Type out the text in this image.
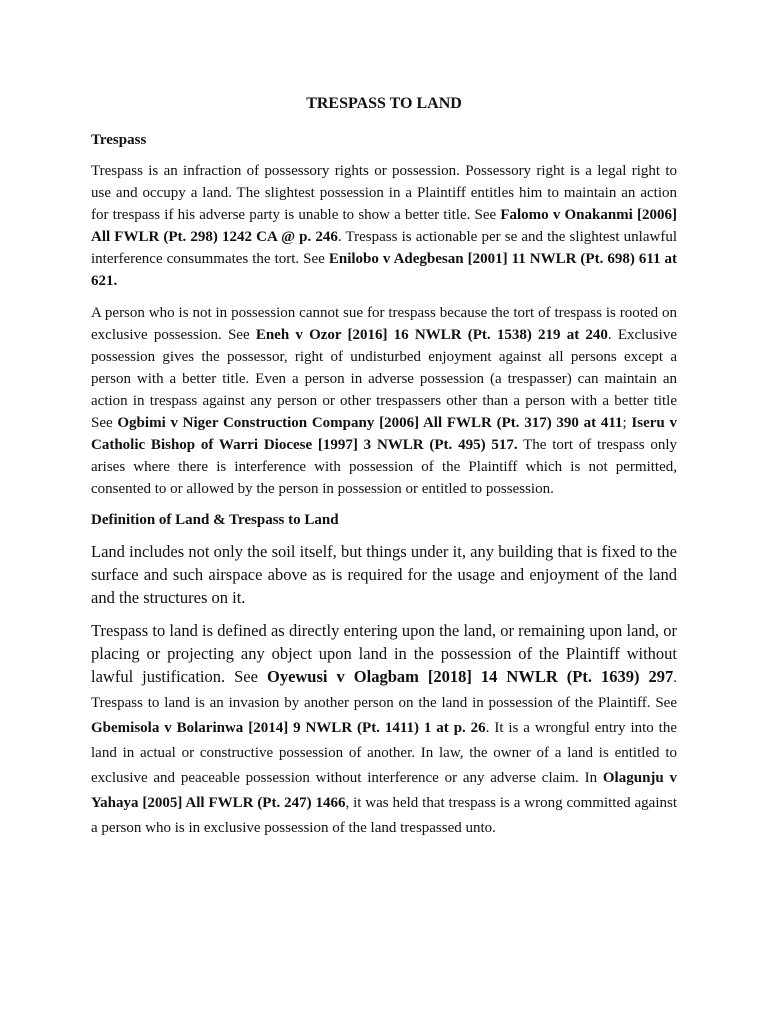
TRESPASS TO LAND
Trespass

Trespass is an infraction of possessory rights or possession. Possessory right is a legal right to use and occupy a land. The slightest possession in a Plaintiff entitles him to maintain an action for trespass if his adverse party is unable to show a better title. See Falomo v Onakanmi [2006] All FWLR (Pt. 298) 1242 CA @ p. 246. Trespass is actionable per se and the slightest unlawful interference consummates the tort. See Enilobo v Adegbesan [2001] 11 NWLR (Pt. 698) 611 at 621.

A person who is not in possession cannot sue for trespass because the tort of trespass is rooted on exclusive possession. See Eneh v Ozor [2016] 16 NWLR (Pt. 1538) 219 at 240. Exclusive possession gives the possessor, right of undisturbed enjoyment against all persons except a person with a better title. Even a person in adverse possession (a trespasser) can maintain an action in trespass against any person or other trespassers other than a person with a better title See Ogbimi v Niger Construction Company [2006] All FWLR (Pt. 317) 390 at 411; Iseru v Catholic Bishop of Warri Diocese [1997] 3 NWLR (Pt. 495) 517. The tort of trespass only arises where there is interference with possession of the Plaintiff which is not permitted, consented to or allowed by the person in possession or entitled to possession.

Definition of Land & Trespass to Land

Land includes not only the soil itself, but things under it, any building that is fixed to the surface and such airspace above as is required for the usage and enjoyment of the land and the structures on it.

Trespass to land is defined as directly entering upon the land, or remaining upon land, or placing or projecting any object upon land in the possession of the Plaintiff without lawful justification. See Oyewusi v Olagbam [2018] 14 NWLR (Pt. 1639) 297. Trespass to land is an invasion by another person on the land in possession of the Plaintiff. See Gbemisola v Bolarinwa [2014] 9 NWLR (Pt. 1411) 1 at p. 26. It is a wrongful entry into the land in actual or constructive possession of another. In law, the owner of a land is entitled to exclusive and peaceable possession without interference or any adverse claim. In Olagunju v Yahaya [2005] All FWLR (Pt. 247) 1466, it was held that trespass is a wrong committed against a person who is in exclusive possession of the land trespassed unto.
